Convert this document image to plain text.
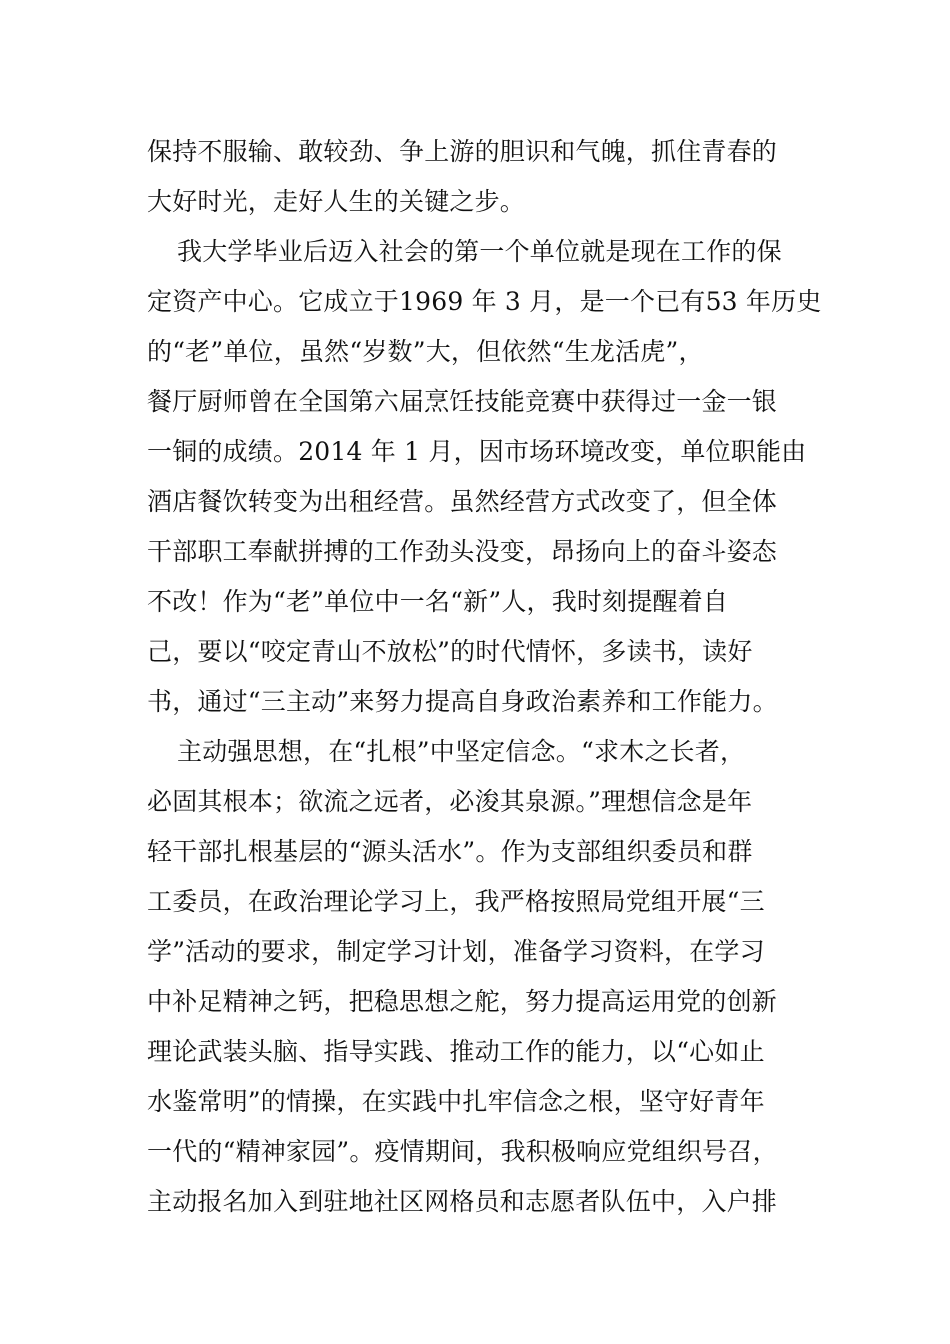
保持不服输、敢较劲、争上游的胆识和气魄，抓住青春的
大好时光，走好人生的关键之步。
我大学毕业后迈入社会的第一个单位就是现在工作的保
定资产中心。它成立于1969 年 3 月，是一个已有53 年历史
的“老”单位，虽然“岁数”大，但依然“生龙活虎”，
餐厅厨师曾在全国第六届烹饪技能竞赛中获得过一金一银
一铜的成绩。2014 年 1 月，因市场环境改变，单位职能由
酒店餐饮转变为出租经营。虽然经营方式改变了，但全体
干部职工奉献拼搏的工作劲头没变，昂扬向上的奋斗姿态
不改！作为“老”单位中一名“新”人，我时刻提醒着自
己，要以“咬定青山不放松”的时代情怀，多读书，读好
书，通过“三主动”来努力提高自身政治素养和工作能力。
主动强思想，在“扎根”中坚定信念。“求木之长者，
必固其根本；欲流之远者，必浚其泉源。”理想信念是年
轻干部扎根基层的“源头活水”。作为支部组织委员和群
工委员，在政治理论学习上，我严格按照局党组开展“三
学”活动的要求，制定学习计划，准备学习资料，在学习
中补足精神之钙，把稳思想之舵，努力提高运用党的创新
理论武装头脑、指导实践、推动工作的能力，以“心如止
水鉴常明”的情操，在实践中扎牢信念之根，坚守好青年
一代的“精神家园”。疫情期间，我积极响应党组织号召，
主动报名加入到驻地社区网格员和志愿者队伍中，入户排
